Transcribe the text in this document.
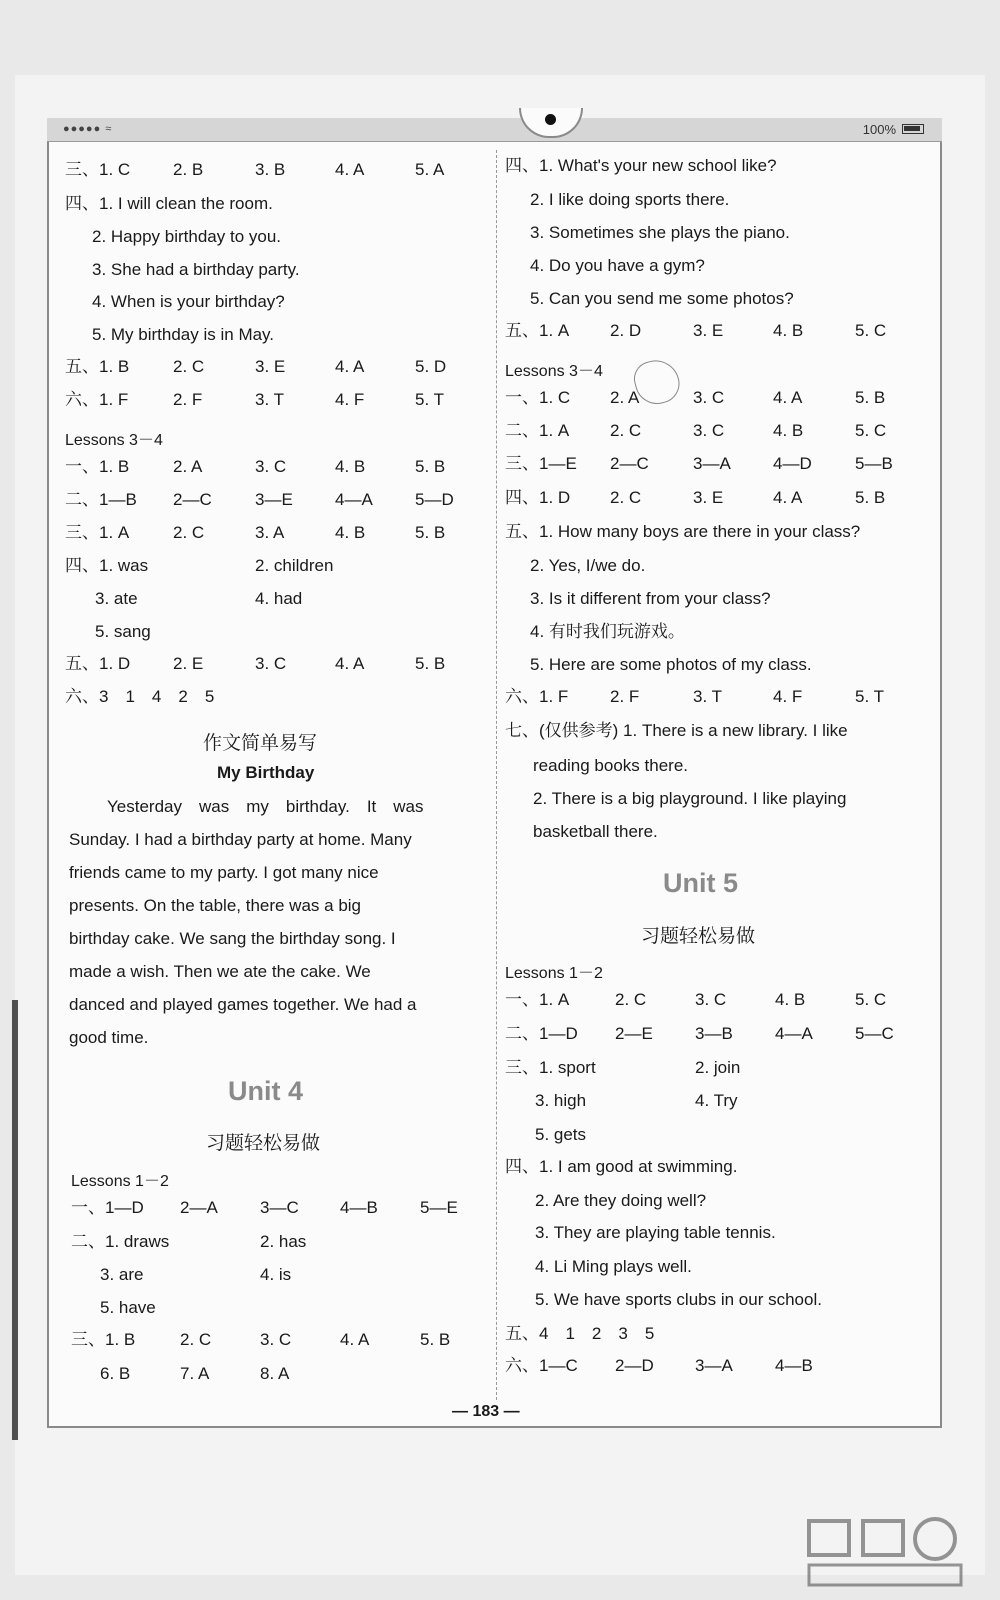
●●●●● ≈	100%
三、1. C	2. B	3. B	4. A	5. A
四、1. I will clean the room.
2. Happy birthday to you.
3. She had a birthday party.
4. When is your birthday?
5. My birthday is in May.
五、1. B	2. C	3. E	4. A	5. D
六、1. F	2. F	3. T	4. F	5. T
Lessons 3－4
一、1. B	2. A	3. C	4. B	5. B
二、1—B 2—C	3—E 4—A 5—D
三、1. A	2. C	3. A	4. B	5. B
四、1. was	2. children
3. ate	4. had
5. sang
五、1. D	2. E	3. C	4. A	5. B
六、3　1　4　2　5
作文简单易写
My Birthday
Yesterday　was　my　birthday.　It　was
Sunday. I had a birthday party at home. Many
friends came to my party. I got many nice
presents. On the table, there was a big
birthday cake. We sang the birthday song. I
made a wish. Then we ate the cake. We
danced and played games together. We had a
good time.
Unit 4
习题轻松易做
Lessons 1－2
一、1—D 2—A 3—C 4—B 5—E
二、1. draws	2. has
3. are	4. is
5. have
三、1. B	2. C	3. C	4. A	5. B
6. B	7. A	8. A
四、1. What's your new school like?
2. I like doing sports there.
3. Sometimes she plays the piano.
4. Do you have a gym?
5. Can you send me some photos?
五、1. A 2. D	3. E	4. B	5. C
Lessons 3－4
一、1. C 2. A	3. C	4. A	5. B
二、1. A 2. C	3. C	4. B	5. C
三、1—E 2—C	3—A 4—D	5—B
四、1. D 2. C	3. E	4. A	5. B
五、1. How many boys are there in your class?
2. Yes, I/we do.
3. Is it different from your class?
4. 有时我们玩游戏。
5. Here are some photos of my class.
六、1. F 2. F	3. T	4. F	5. T
七、(仅供参考) 1. There is a new library. I like
reading books there.
2. There is a big playground. I like playing
basketball there.
Unit 5
习题轻松易做
Lessons 1－2
一、1. A	2. C	3. C	4. B	5. C
二、1—D 2—E 3—B 4—A 5—C
三、1. sport	2. join
3. high	4. Try
5. gets
四、1. I am good at swimming.
2. Are they doing well?
3. They are playing table tennis.
4. Li Ming plays well.
5. We have sports clubs in our school.
五、4　1　2　3　5
六、1—C 2—D 3—A 4—B
— 183 —
